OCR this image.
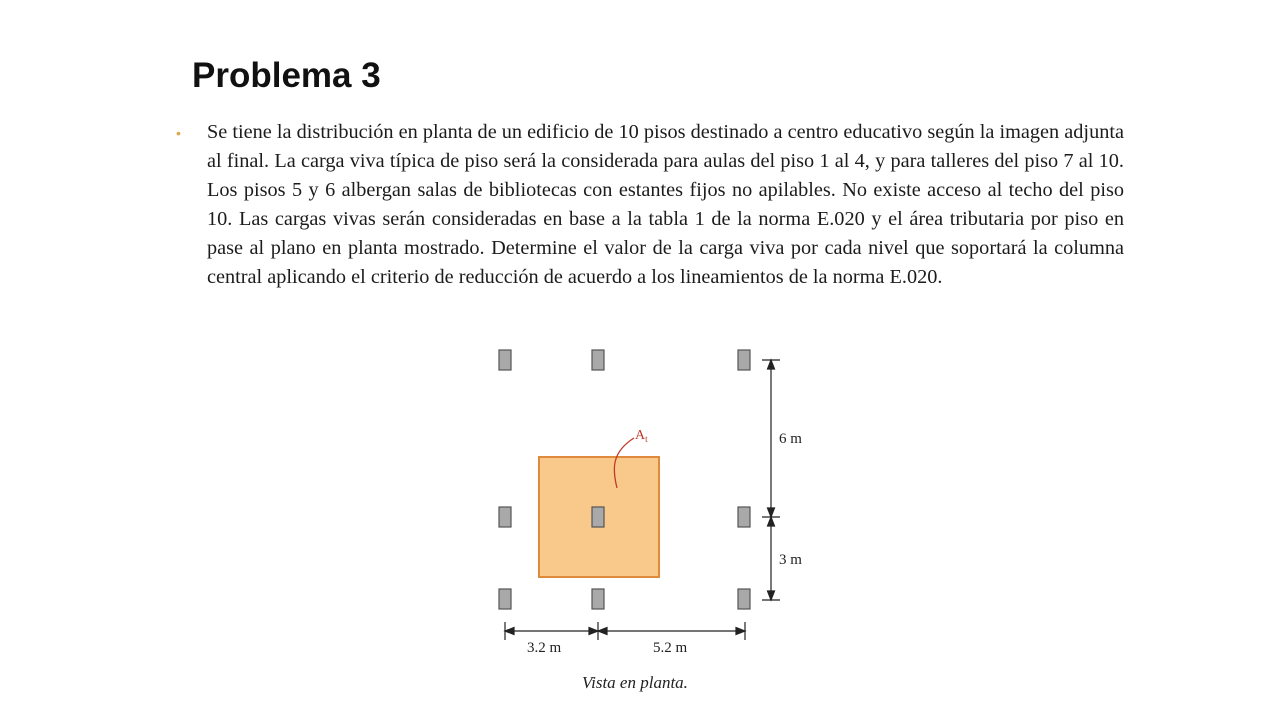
Problema 3
• Se tiene la distribución en planta de un edificio de 10 pisos destinado a centro educativo según la imagen adjunta al final. La carga viva típica de piso será la considerada para aulas del piso 1 al 4, y para talleres del piso 7 al 10. Los pisos 5 y 6 albergan salas de bibliotecas con estantes fijos no apilables. No existe acceso al techo del piso 10. Las cargas vivas serán consideradas en base a la tabla 1 de la norma E.020 y el área tributaria por piso en pase al plano en planta mostrado. Determine el valor de la carga viva por cada nivel que soportará la columna central aplicando el criterio de reducción de acuerdo a los lineamientos de la norma E.020.

$A_t$	6 m
3 m
3.2 m	5.2 m
Vista en planta.
